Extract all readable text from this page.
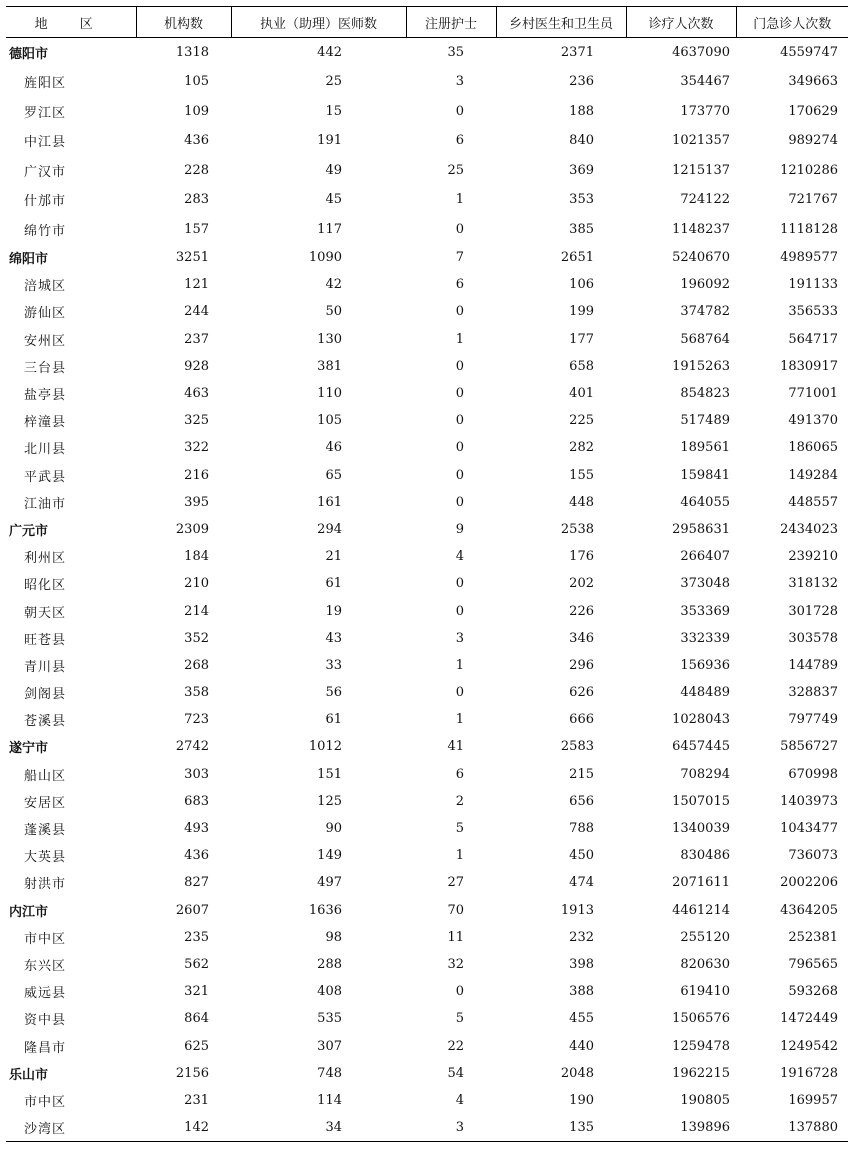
地 区	机构数	执业（助理）医师数	注册护士	乡村医生和卫生员	诊疗人次数	门急诊人次数
德阳市	1318	442	35	2371	4637090	4559747
旌阳区	105	25	3	236	354467	349663
罗江区	109	15	0	188	173770	170629
中江县	436	191	6	840	1021357	989274
广汉市	228	49	25	369	1215137	1210286
什邡市	283	45	1	353	724122	721767
绵竹市	157	117	0	385	1148237	1118128
绵阳市	3251	1090	7	2651	5240670	4989577
涪城区	121	42	6	106	196092	191133
游仙区	244	50	0	199	374782	356533
安州区	237	130	1	177	568764	564717
三台县	928	381	0	658	1915263	1830917
盐亭县	463	110	0	401	854823	771001
梓潼县	325	105	0	225	517489	491370
北川县	322	46	0	282	189561	186065
平武县	216	65	0	155	159841	149284
江油市	395	161	0	448	464055	448557
广元市	2309	294	9	2538	2958631	2434023
利州区	184	21	4	176	266407	239210
昭化区	210	61	0	202	373048	318132
朝天区	214	19	0	226	353369	301728
旺苍县	352	43	3	346	332339	303578
青川县	268	33	1	296	156936	144789
剑阁县	358	56	0	626	448489	328837
苍溪县	723	61	1	666	1028043	797749
遂宁市	2742	1012	41	2583	6457445	5856727
船山区	303	151	6	215	708294	670998
安居区	683	125	2	656	1507015	1403973
蓬溪县	493	90	5	788	1340039	1043477
大英县	436	149	1	450	830486	736073
射洪市	827	497	27	474	2071611	2002206
内江市	2607	1636	70	1913	4461214	4364205
市中区	235	98	11	232	255120	252381
东兴区	562	288	32	398	820630	796565
威远县	321	408	0	388	619410	593268
资中县	864	535	5	455	1506576	1472449
隆昌市	625	307	22	440	1259478	1249542
乐山市	2156	748	54	2048	1962215	1916728
市中区	231	114	4	190	190805	169957
沙湾区	142	34	3	135	139896	137880
